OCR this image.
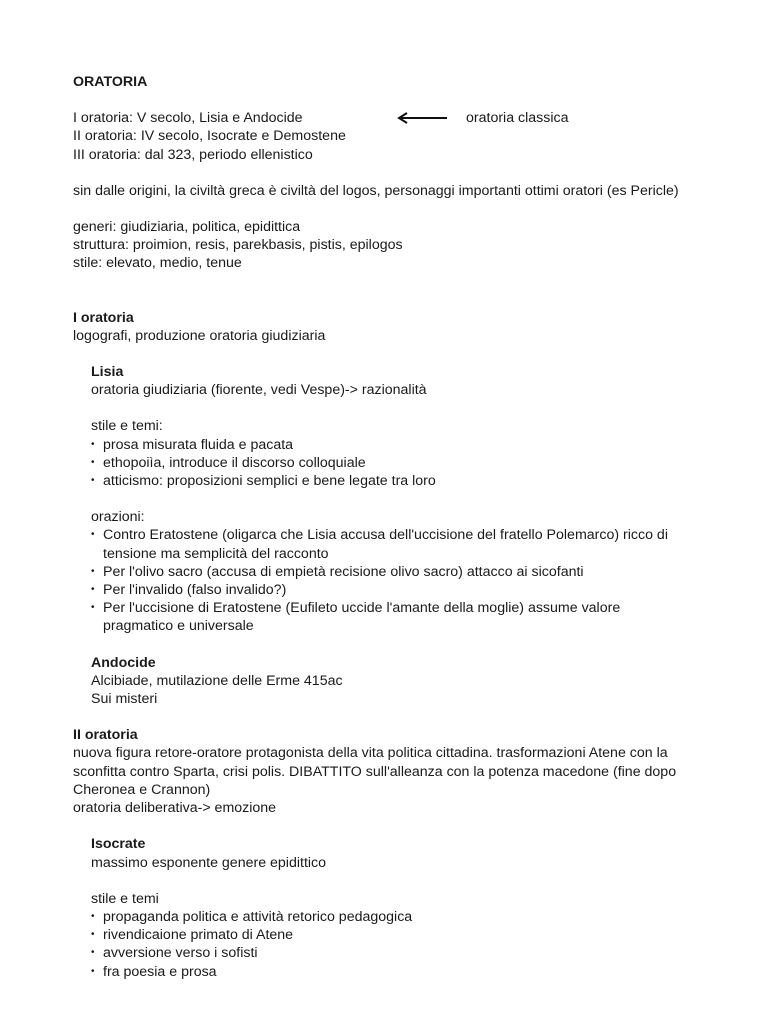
ORATORIA

I oratoria: V secolo, Lisia e Andocide

II oratoria: IV secolo, Isocrate e Demostene

III oratoria: dal 323, periodo ellenistico

oratoria classica

sin dalle origini, la civiltà greca è civiltà del logos, personaggi importanti ottimi oratori (es Pericle)

generi: giudiziaria, politica, epidittica

struttura: proimion, resis, parekbasis, pistis, epilogos

stile: elevato, medio, tenue

I oratoria

logografi, produzione oratoria giudiziaria

Lisia

oratoria giudiziaria (fiorente, vedi Vespe)-> razionalità

stile e temi:

• prosa misurata fluida e pacata
• ethopoiìa, introduce il discorso colloquiale
• atticismo: proposizioni semplici e bene legate tra loro

orazioni:

• Contro Eratostene (oligarca che Lisia accusa dell'uccisione del fratello Polemarco) ricco di tensione ma semplicità del racconto
• Per l'olivo sacro (accusa di empietà recisione olivo sacro) attacco ai sicofanti
• Per l'invalido (falso invalido?)
• Per l'uccisione di Eratostene (Eufileto uccide l'amante della moglie) assume valore pragmatico e universale

Andocide

Alcibiade, mutilazione delle Erme 415ac

Sui misteri

II oratoria

nuova figura retore-oratore protagonista della vita politica cittadina. trasformazioni Atene con la sconfitta contro Sparta, crisi polis. DIBATTITO sull'alleanza con la potenza macedone (fine dopo Cheronea e Crannon)

oratoria deliberativa-> emozione

Isocrate

massimo esponente genere epidittico

stile e temi

• propaganda politica e attività retorico pedagogica
• rivendicaione primato di Atene
• avversione verso i sofisti
• fra poesia e prosa
